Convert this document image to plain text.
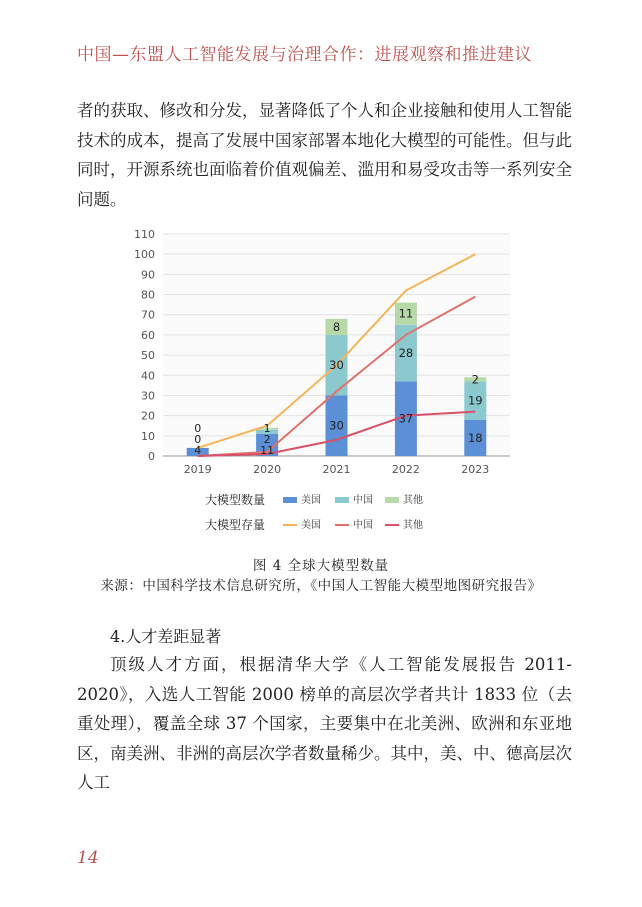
中国—东盟人工智能发展与治理合作：进展观察和推进建议
者的获取、修改和分发，显著降低了个人和企业接触和使用人工智能技术的成本，提高了发展中国家部署本地化大模型的可能性。但与此同时，开源系统也面临着价值观偏差、滥用和易受攻击等一系列安全问题。
0
10
20
30
40
50
60
70
80
90
100
110
2019	2020	2021	2022	2023
4
0
0
11
2
1	30
30
8
37
28
11
18
19
2
大模型数量
大模型存量
美国	中国	其他
美国	中国	其他
图 4 全球大模型数量
来源：中国科学技术信息研究所，《中国人工智能大模型地图研究报告》
4.人才差距显著
顶级人才方面，根据清华大学《人工智能发展报告 2011-2020》，入选人工智能 2000 榜单的高层次学者共计 1833 位（去重处理），覆盖全球 37 个国家，主要集中在北美洲、欧洲和东亚地区，南美洲、非洲的高层次学者数量稀少。其中，美、中、德高层次人工
14
